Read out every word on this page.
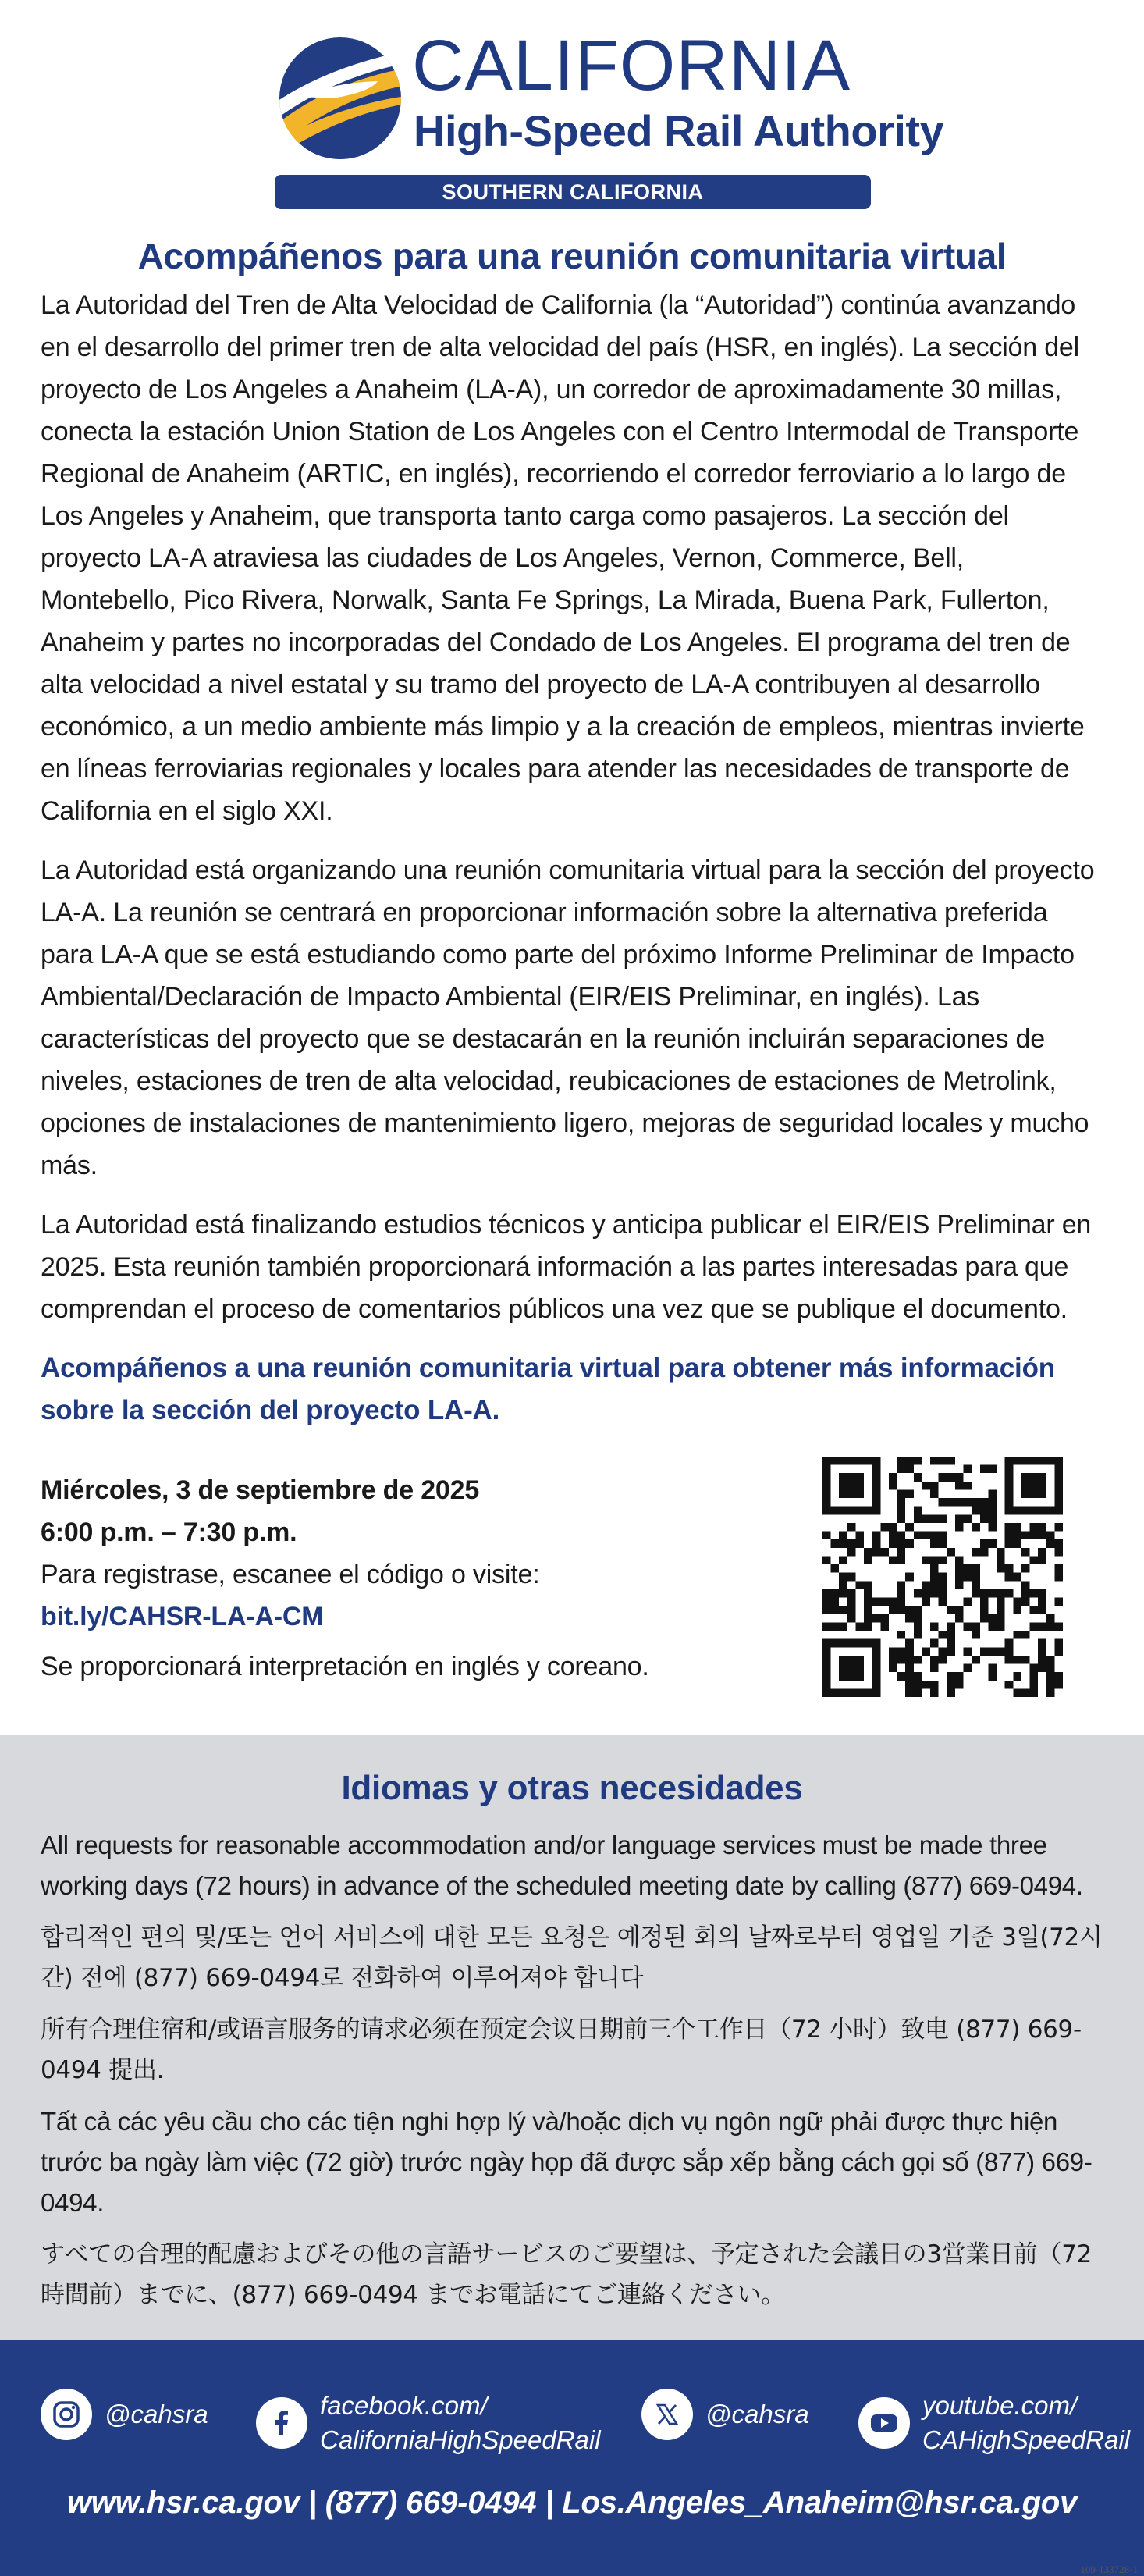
CALIFORNIA
High-Speed Rail Authority
SOUTHERN CALIFORNIA
Acompáñenos para una reunión comunitaria virtual

La Autoridad del Tren de Alta Velocidad de California (la “Autoridad”) continúa avanzando en el desarrollo del primer tren de alta velocidad del país (HSR, en inglés). La sección del proyecto de Los Angeles a Anaheim (LA-A), un corredor de aproximadamente 30 millas, conecta la estación Union Station de Los Angeles con el Centro Intermodal de Transporte Regional de Anaheim (ARTIC, en inglés), recorriendo el corredor ferroviario a lo largo de Los Angeles y Anaheim, que transporta tanto carga como pasajeros. La sección del proyecto LA-A atraviesa las ciudades de Los Angeles, Vernon, Commerce, Bell, Montebello, Pico Rivera, Norwalk, Santa Fe Springs, La Mirada, Buena Park, Fullerton, Anaheim y partes no incorporadas del Condado de Los Angeles. El programa del tren de alta velocidad a nivel estatal y su tramo del proyecto de LA-A contribuyen al desarrollo económico, a un medio ambiente más limpio y a la creación de empleos, mientras invierte en líneas ferroviarias regionales y locales para atender las necesidades de transporte de California en el siglo XXI.

La Autoridad está organizando una reunión comunitaria virtual para la sección del proyecto LA-A. La reunión se centrará en proporcionar información sobre la alternativa preferida para LA-A que se está estudiando como parte del próximo Informe Preliminar de Impacto Ambiental/Declaración de Impacto Ambiental (EIR/EIS Preliminar, en inglés). Las características del proyecto que se destacarán en la reunión incluirán separaciones de niveles, estaciones de tren de alta velocidad, reubicaciones de estaciones de Metrolink, opciones de instalaciones de mantenimiento ligero, mejoras de seguridad locales y mucho más.

La Autoridad está finalizando estudios técnicos y anticipa publicar el EIR/EIS Preliminar en 2025. Esta reunión también proporcionará información a las partes interesadas para que comprendan el proceso de comentarios públicos una vez que se publique el documento.

Acompáñenos a una reunión comunitaria virtual para obtener más información sobre la sección del proyecto LA-A.

Miércoles, 3 de septiembre de 2025
6:00 p.m. – 7:30 p.m.
Para registrase, escanee el código o visite:
bit.ly/CAHSR-LA-A-CM
Se proporcionará interpretación en inglés y coreano.
Idiomas y otras necesidades

All requests for reasonable accommodation and/or language services must be made three working days (72 hours) in advance of the scheduled meeting date by calling (877) 669-0494.

합리적인 편의 및/또는 언어 서비스에 대한 모든 요청은 예정된 회의 날짜로부터 영업일 기준 3일(72시간) 전에 (877) 669-0494로 전화하여 이루어져야 합니다

所有合理住宿和/或语言服务的请求必须在预定会议日期前三个工作日（72 小时）致电 (877) 669-0494 提出.

Tất cả các yêu cầu cho các tiện nghi hợp lý và/hoặc dịch vụ ngôn ngữ phải được thực hiện trước ba ngày làm việc (72 giờ) trước ngày họp đã được sắp xếp bằng cách gọi số (877) 669-0494.

すべての合理的配慮およびその他の言語サービスのご要望は、予定された会議日の3営業日前（72時間前）までに、(877) 669-0494 までお電話にてご連絡ください。

@cahsra	facebook.com/
CaliforniaHighSpeedRail
@cahsra	youtube.com/
CAHighSpeedRail
www.hsr.ca.gov | (877) 669-0494 | Los.Angeles_Anaheim@hsr.ca.gov
109-133728-1
